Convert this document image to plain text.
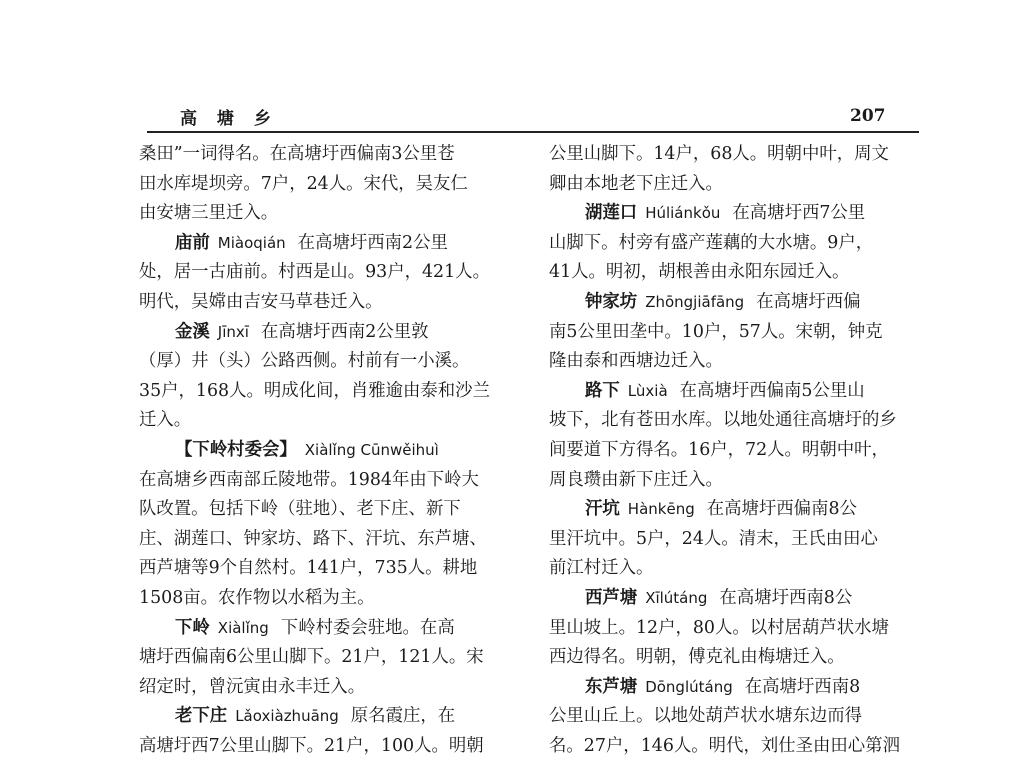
高 塘 乡	207
桑田”一词得名。在高塘圩西偏南3公里苍
田水库堤坝旁。7户，24人。宋代，吴友仁
由安塘三里迁入。
庙前 Miàoqián 在高塘圩西南2公里
处，居一古庙前。村西是山。93户，421人。
明代，吴嫦由吉安马草巷迁入。
金溪 Jīnxī 在高塘圩西南2公里敦
（厚）井（头）公路西侧。村前有一小溪。
35户，168人。明成化间，肖雅逾由泰和沙兰
迁入。
【下岭村委会】 Xiàlǐng Cūnwěihuì
在高塘乡西南部丘陵地带。1984年由下岭大
队改置。包括下岭（驻地）、老下庄、新下
庄、湖莲口、钟家坊、路下、汗坑、东芦塘、
西芦塘等9个自然村。141户，735人。耕地
1508亩。农作物以水稻为主。
下岭 Xiàlǐng 下岭村委会驻地。在高
塘圩西偏南6公里山脚下。21户，121人。宋
绍定时，曾沅寅由永丰迁入。
老下庄 Lǎoxiàzhuāng 原名霞庄，在
高塘圩西7公里山脚下。21户，100人。明朝
公里山脚下。14户，68人。明朝中叶，周文
卿由本地老下庄迁入。
湖莲口 Húliánkǒu 在高塘圩西7公里
山脚下。村旁有盛产莲藕的大水塘。9户，
41人。明初，胡根善由永阳东园迁入。
钟家坊 Zhōngjiāfāng 在高塘圩西偏
南5公里田垄中。10户，57人。宋朝，钟克
隆由泰和西塘边迁入。
路下 Lùxià 在高塘圩西偏南5公里山
坡下，北有苍田水库。以地处通往高塘圩的乡
间要道下方得名。16户，72人。明朝中叶，
周良瓒由新下庄迁入。
汗坑 Hànkēng 在高塘圩西偏南8公
里汗坑中。5户，24人。清末，王氏由田心
前江村迁入。
西芦塘 Xīlútáng 在高塘圩西南8公
里山坡上。12户，80人。以村居葫芦状水塘
西边得名。明朝，傅克礼由梅塘迁入。
东芦塘 Dōnglútáng 在高塘圩西南8
公里山丘上。以地处葫芦状水塘东边而得
名。27户，146人。明代，刘仕圣由田心第泗
